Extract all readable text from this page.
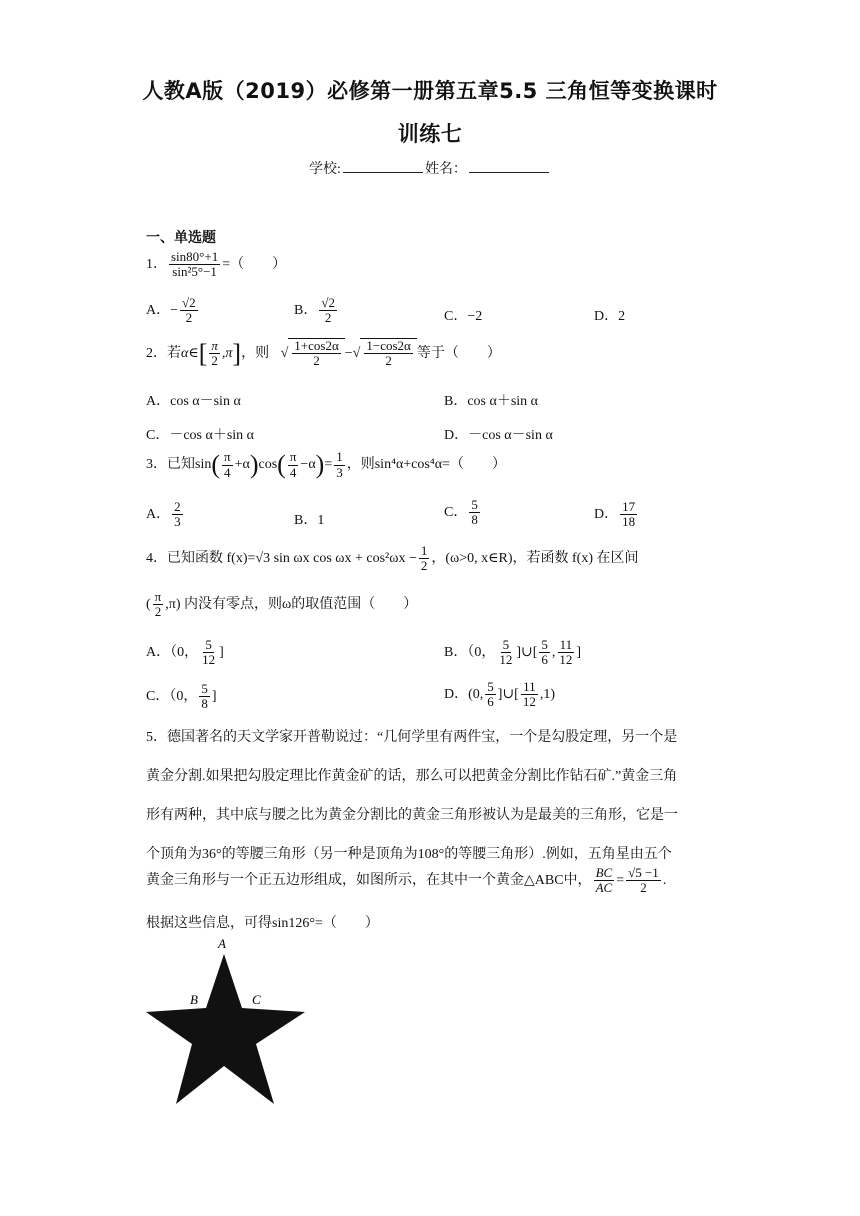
人教A版（2019）必修第一册第五章5.5 三角恒等变换课时
训练七
学校:	姓名：
一、单选题
1． $\frac{\sin 80^\circ+1}{\text{sin²5°−1}}$ =（　　）
A．− $\frac{√2}{2}$	B． $\frac{√2}{2}$	C．−2	D．2
2．若α∈[ $\frac{\pi}{2} ,\pi$]，则 √ $\frac{1+\cos 2\alpha}{2}$ −√ $\frac{1-\cos 2\alpha}{2}$ 等于（　　）
A．cos α－sin α	B．cos α＋sin α
C．－cos α＋sin α	D．－cos α－sin α
3．已知$\sin( \frac{\pi}{4} +\alpha)\cos( \frac{\pi}{4} -\alpha)= \frac{1}{3}$ ，则sin⁴α+cos⁴α=（　　）
A． $\frac{2}{3}$	B．1
C． $\frac{5}{8}$	D． $\frac{17}{18}$
4．已知函数 f(x)=√3 sin ωx $\cos \omega x + \cos^2\omega x - \frac{1}{2}$ ，(ω>0, x∈R)，若函数 f(x) 在区间
( $\frac{\pi}{2} ,\pi$) 内没有零点，则ω的取值范围（　　）
A．（0， $\frac{5}{12}$ ]	B．（0， $\frac{5}{12}$ ]∪[ $\frac{5}{6}$ , $\frac{11}{12}$ ]
C．（0， $\frac{5}{8}$ ]	D．(0, $\frac{5}{6}$ ]∪[ $\frac{11}{12} ,1$)
5．德国著名的天文学家开普勒说过：“几何学里有两件宝，一个是勾股定理，另一个是
黄金分割.如果把勾股定理比作黄金矿的话，那么可以把黄金分割比作钻石矿.”黄金三角
形有两种，其中底与腰之比为黄金分割比的黄金三角形被认为是最美的三角形，它是一
个顶角为36°的等腰三角形（另一种是顶角为108°的等腰三角形）.例如，五角星由五个
黄金三角形与一个正五边形组成，如图所示，在其中一个黄金△ABC中， $\frac{BC}{AC} = \frac{√5 -1}{2}$ .
根据这些信息，可得sin126°=（　　）
A
B	C
